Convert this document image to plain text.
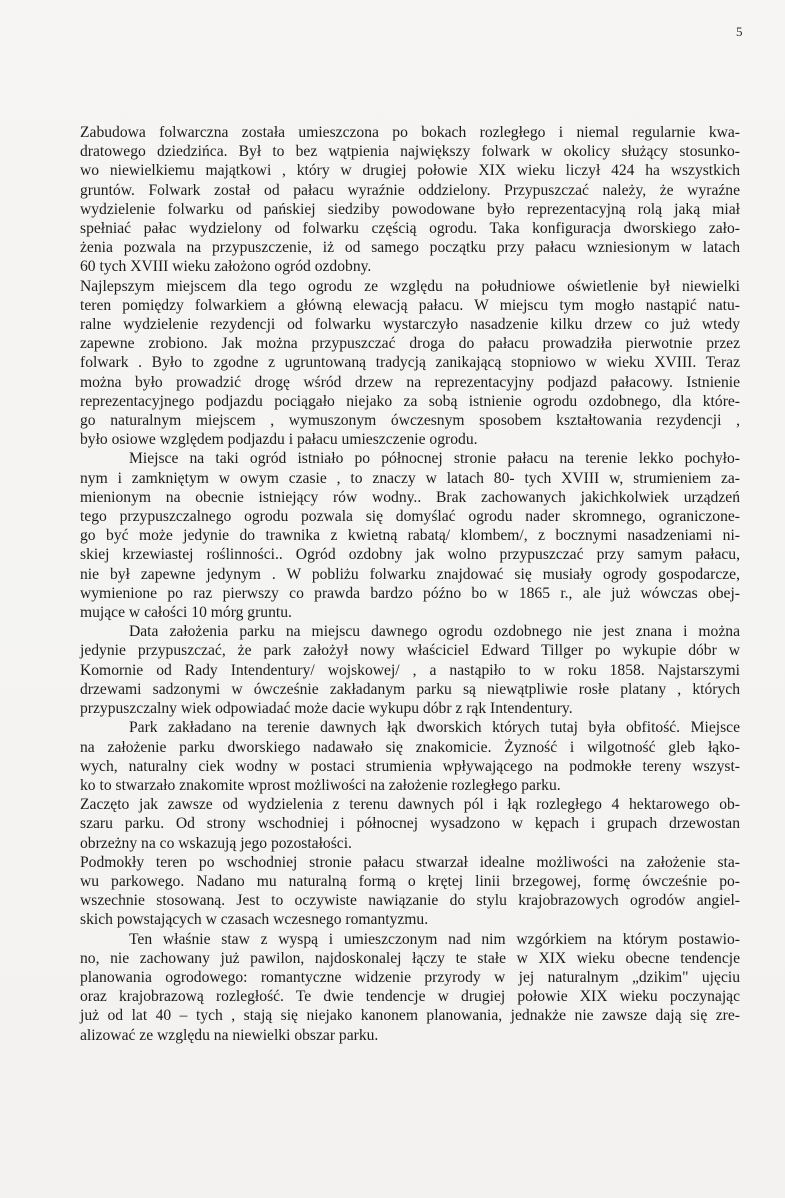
5
Zabudowa folwarczna została umieszczona po bokach rozległego i niemal regularnie kwa-
dratowego dziedzińca. Był to bez wątpienia największy folwark w okolicy służący stosunko-
wo niewielkiemu majątkowi , który w drugiej połowie XIX wieku liczył 424 ha wszystkich
gruntów. Folwark został od pałacu wyraźnie oddzielony. Przypuszczać należy, że wyraźne
wydzielenie folwarku od pańskiej siedziby powodowane było reprezentacyjną rolą jaką miał
spełniać pałac wydzielony od folwarku częścią ogrodu. Taka konfiguracja dworskiego zało-
żenia pozwala na przypuszczenie, iż od samego początku przy pałacu wzniesionym w latach
60 tych XVIII wieku założono ogród ozdobny.
Najlepszym miejscem dla tego ogrodu ze względu na południowe oświetlenie był niewielki
teren pomiędzy folwarkiem a główną elewacją pałacu. W miejscu tym mogło nastąpić natu-
ralne wydzielenie rezydencji od folwarku wystarczyło nasadzenie kilku drzew co już wtedy
zapewne zrobiono. Jak można przypuszczać droga do pałacu prowadziła pierwotnie przez
folwark . Było to zgodne z ugruntowaną tradycją zanikającą stopniowo w wieku XVIII. Teraz
można było prowadzić drogę wśród drzew na reprezentacyjny podjazd pałacowy. Istnienie
reprezentacyjnego podjazdu pociągało niejako za sobą istnienie ogrodu ozdobnego, dla które-
go naturalnym miejscem , wymuszonym ówczesnym sposobem kształtowania rezydencji ,
było osiowe względem podjazdu i pałacu umieszczenie ogrodu.
Miejsce na taki ogród istniało po północnej stronie pałacu na terenie lekko pochyło-
nym i zamkniętym w owym czasie , to znaczy w latach 80- tych XVIII w, strumieniem za-
mienionym na obecnie istniejący rów wodny.. Brak zachowanych jakichkolwiek urządzeń
tego przypuszczalnego ogrodu pozwala się domyślać ogrodu nader skromnego, ograniczone-
go być może jedynie do trawnika z kwietną rabatą/ klombem/, z bocznymi nasadzeniami ni-
skiej krzewiastej roślinności.. Ogród ozdobny jak wolno przypuszczać przy samym pałacu,
nie był zapewne jedynym . W pobliżu folwarku znajdować się musiały ogrody gospodarcze,
wymienione po raz pierwszy co prawda bardzo późno bo w 1865 r., ale już wówczas obej-
mujące w całości 10 mórg gruntu.
Data założenia parku na miejscu dawnego ogrodu ozdobnego nie jest znana i można
jedynie przypuszczać, że park założył nowy właściciel Edward Tillger po wykupie dóbr w
Komornie od Rady Intendentury/ wojskowej/ , a nastąpiło to w roku 1858. Najstarszymi
drzewami sadzonymi w ówcześnie zakładanym parku są niewątpliwie rosłe platany , których
przypuszczalny wiek odpowiadać może dacie wykupu dóbr z rąk Intendentury.
Park zakładano na terenie dawnych łąk dworskich których tutaj była obfitość. Miejsce
na założenie parku dworskiego nadawało się znakomicie. Żyzność i wilgotność gleb łąko-
wych, naturalny ciek wodny w postaci strumienia wpływającego na podmokłe tereny wszyst-
ko to stwarzało znakomite wprost możliwości na założenie rozległego parku.
Zaczęto jak zawsze od wydzielenia z terenu dawnych pól i łąk rozległego 4 hektarowego ob-
szaru parku. Od strony wschodniej i północnej wysadzono w kępach i grupach drzewostan
obrzeżny na co wskazują jego pozostałości.
Podmokły teren po wschodniej stronie pałacu stwarzał idealne możliwości na założenie sta-
wu parkowego. Nadano mu naturalną formą o krętej linii brzegowej, formę ówcześnie po-
wszechnie stosowaną. Jest to oczywiste nawiązanie do stylu krajobrazowych ogrodów angiel-
skich powstających w czasach wczesnego romantyzmu.
Ten właśnie staw z wyspą i umieszczonym nad nim wzgórkiem na którym postawio-
no, nie zachowany już pawilon, najdoskonalej łączy te stałe w XIX wieku obecne tendencje
planowania ogrodowego: romantyczne widzenie przyrody w jej naturalnym „dzikim" ujęciu
oraz krajobrazową rozległość. Te dwie tendencje w drugiej połowie XIX wieku poczynając
już od lat 40 – tych , stają się niejako kanonem planowania, jednakże nie zawsze dają się zre-
alizować ze względu na niewielki obszar parku.
